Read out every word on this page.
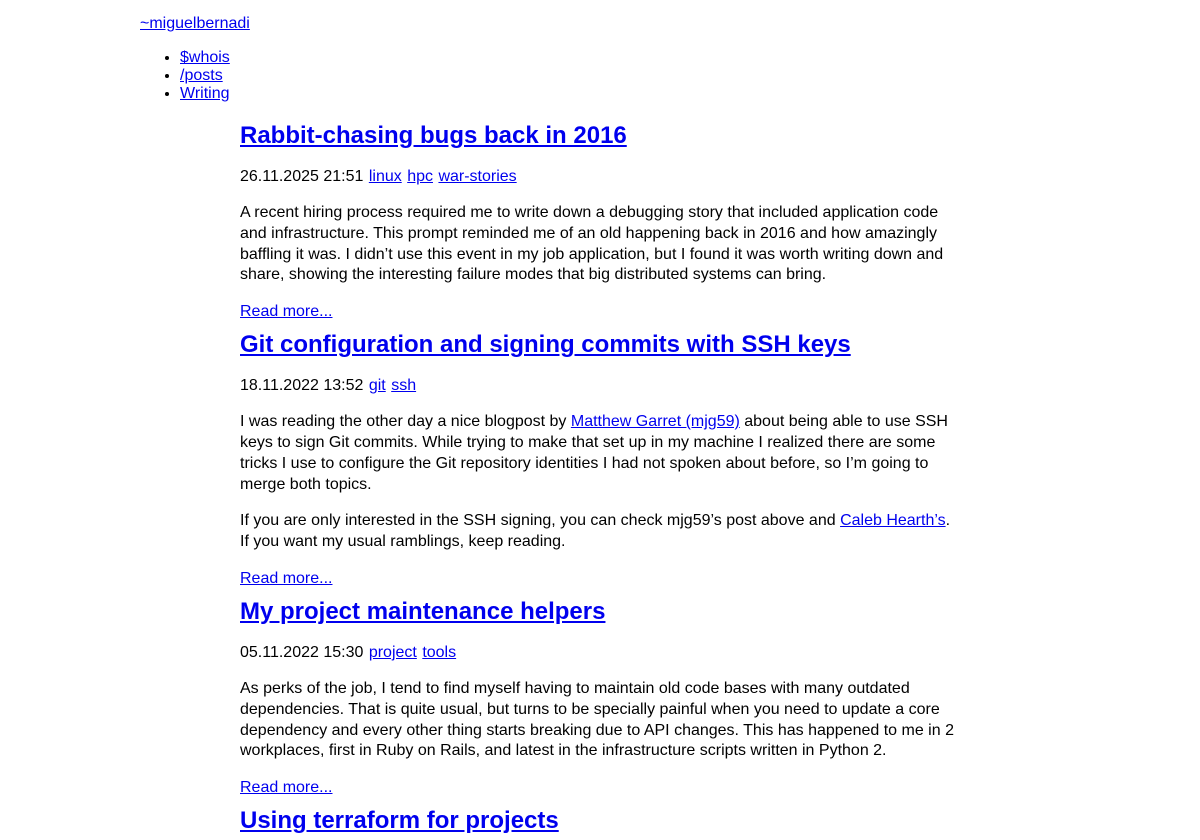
~miguelbernadi
• $whois
• /posts
• Writing
Rabbit-chasing bugs back in 2016
26.11.2025 21:51 linux hpc war-stories

A recent hiring process required me to write down a debugging story that included application code and infrastructure. This prompt reminded me of an old happening back in 2016 and how amazingly baffling it was. I didn’t use this event in my job application, but I found it was worth writing down and share, showing the interesting failure modes that big distributed systems can bring.

Read more...
Git configuration and signing commits with SSH keys
18.11.2022 13:52 git ssh

I was reading the other day a nice blogpost by Matthew Garret (mjg59) about being able to use SSH keys to sign Git commits. While trying to make that set up in my machine I realized there are some tricks I use to configure the Git repository identities I had not spoken about before, so I’m going to merge both topics.

If you are only interested in the SSH signing, you can check mjg59’s post above and Caleb Hearth’s. If you want my usual ramblings, keep reading.

Read more...
My project maintenance helpers
05.11.2022 15:30 project tools

As perks of the job, I tend to find myself having to maintain old code bases with many outdated dependencies. That is quite usual, but turns to be specially painful when you need to update a core dependency and every other thing starts breaking due to API changes. This has happened to me in 2 workplaces, first in Ruby on Rails, and latest in the infrastructure scripts written in Python 2.

Read more...
Using terraform for projects
